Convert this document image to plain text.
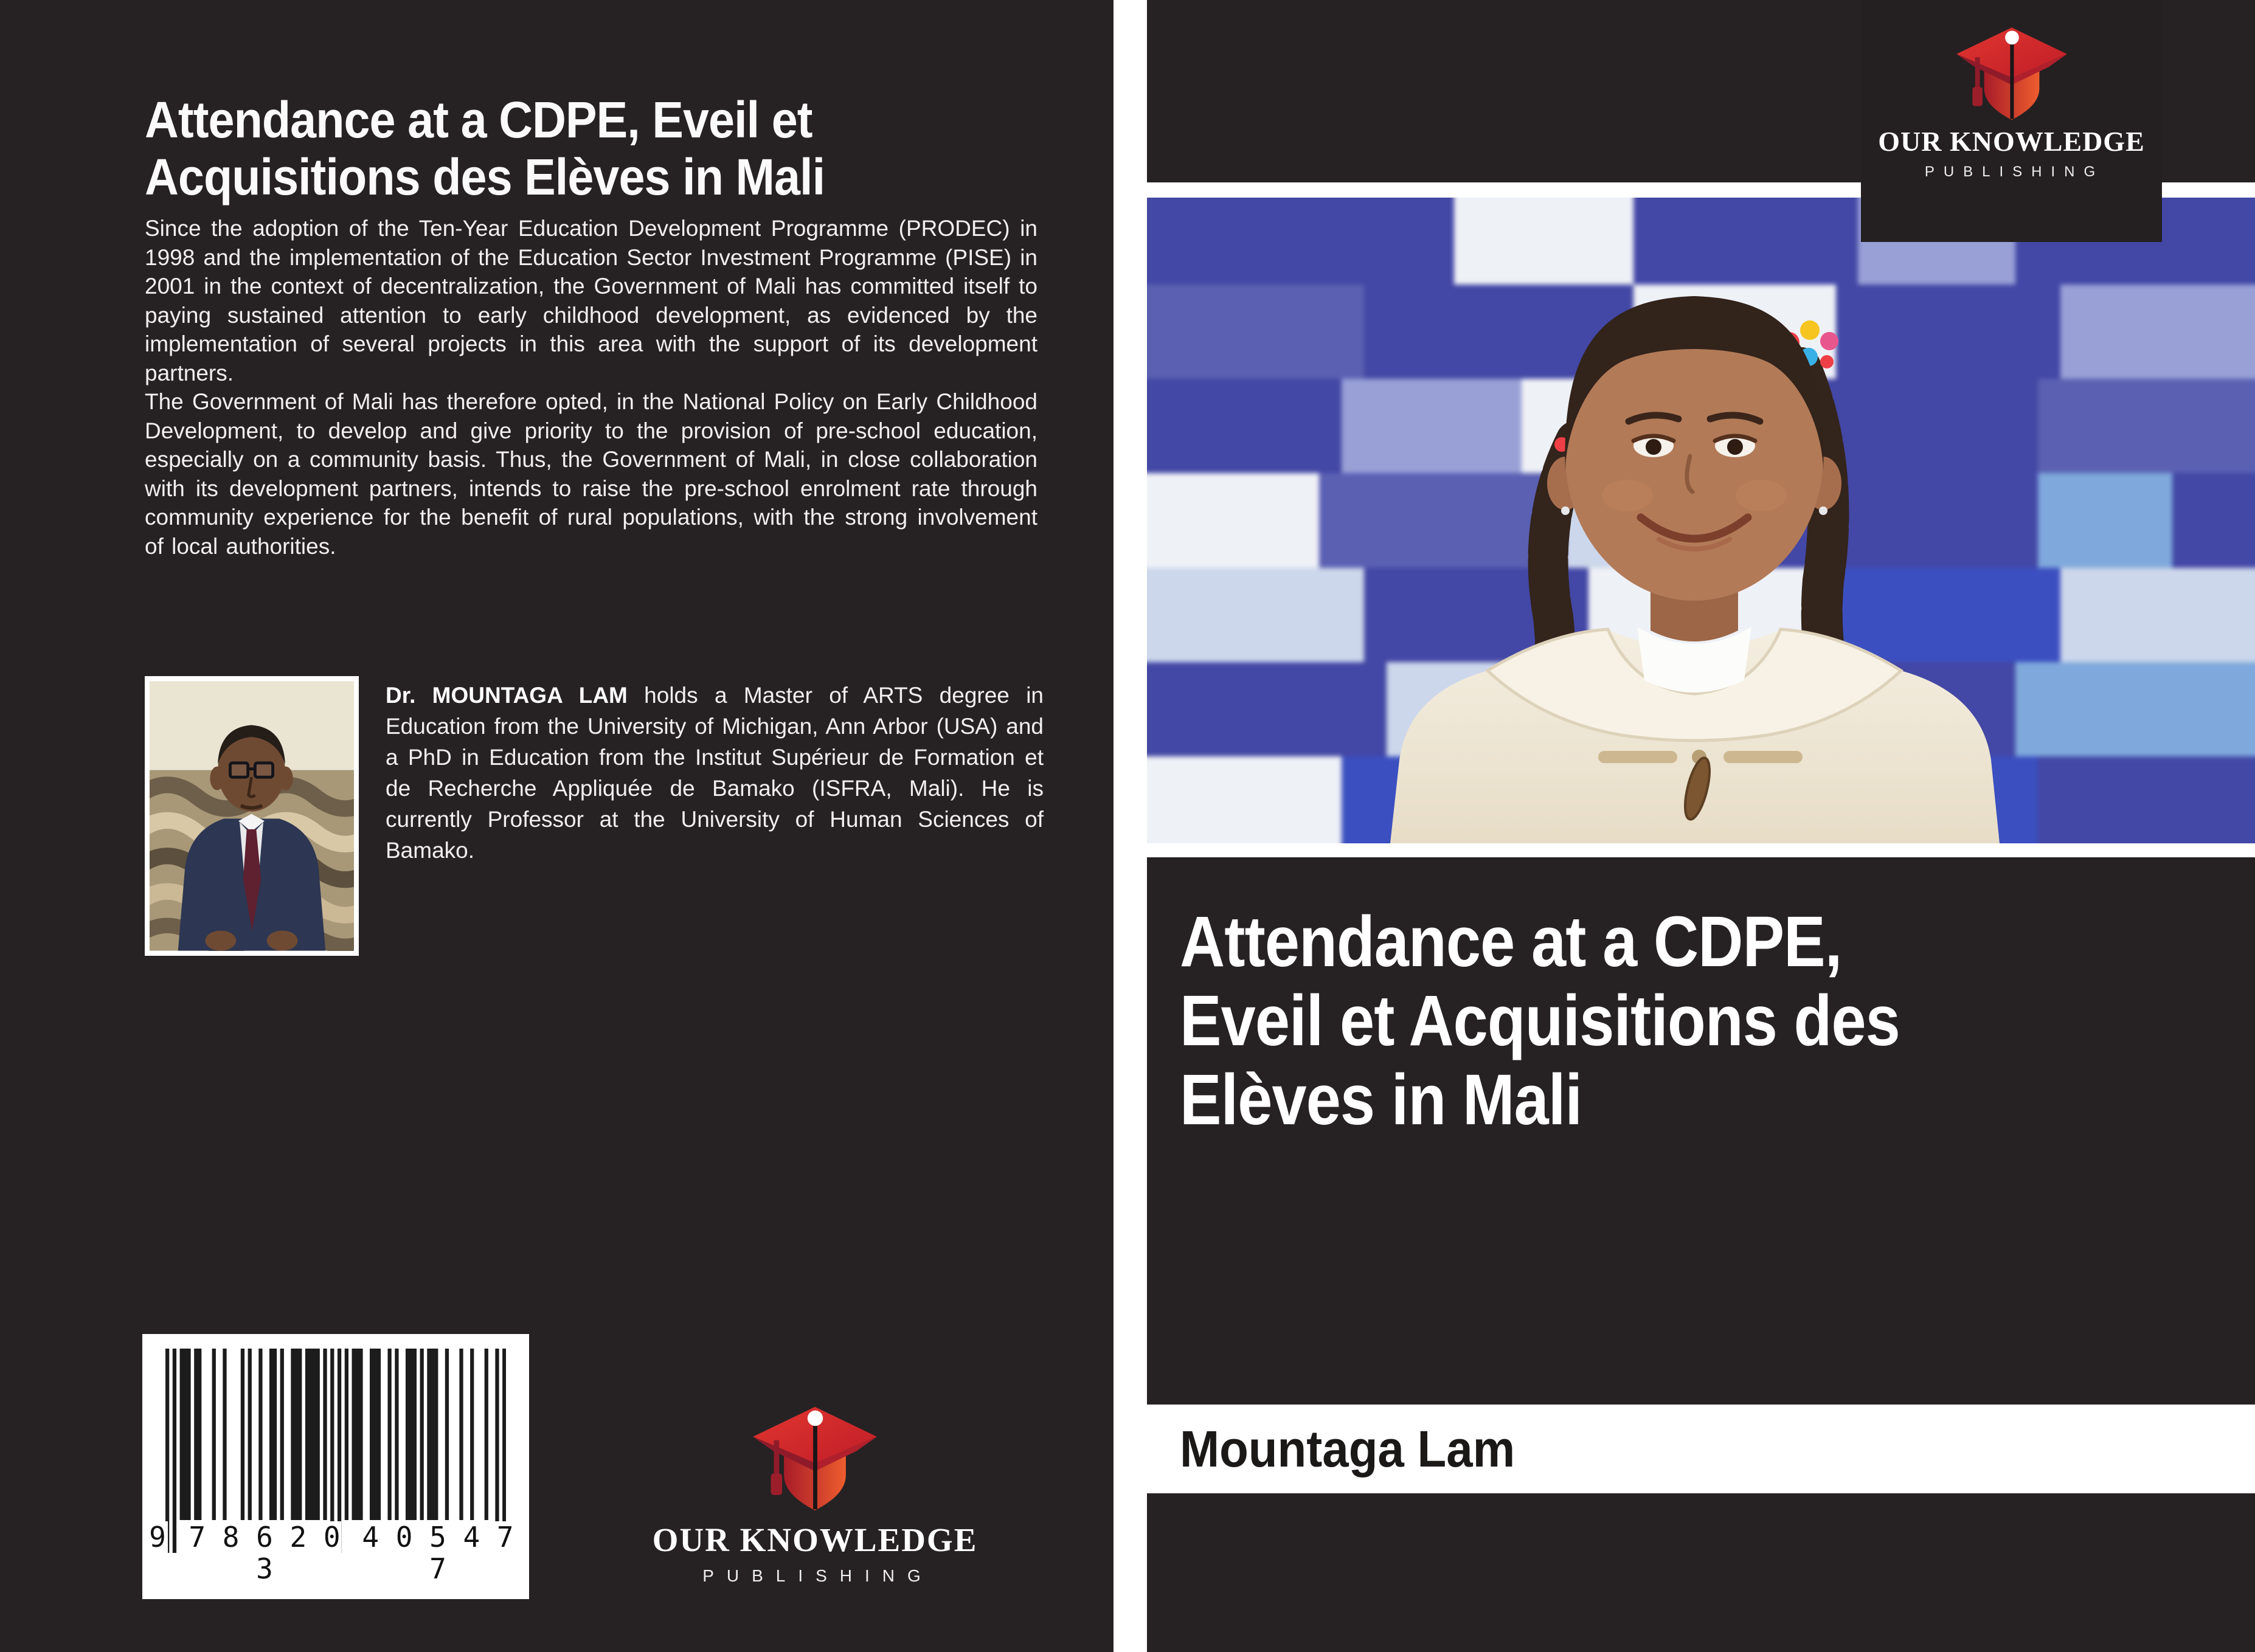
Attendance at a CDPE, Eveil et
Acquisitions des Elèves in Mali

Since the adoption of the Ten-Year Education Development Programme (PRODEC) in 1998 and the implementation of the Education Sector Investment Programme (PISE) in 2001 in the context of decentralization, the Government of Mali has committed itself to paying sustained attention to early childhood development, as evidenced by the implementation of several projects in this area with the support of its development partners.

The Government of Mali has therefore opted, in the National Policy on Early Childhood Development, to develop and give priority to the provision of pre-school education, especially on a community basis. Thus, the Government of Mali, in close collaboration with its development partners, intends to raise the pre-school enrolment rate through community experience for the benefit of rural populations, with the strong involvement of local authorities.

Dr. MOUNTAGA LAM holds a Master of ARTS degree in Education from the University of Michigan, Ann Arbor (USA) and a PhD in Education from the Institut Supérieur de Formation et de Recherche Appliquée de Bamako (ISFRA, Mali). He is currently Professor at the University of Human Sciences of Bamako.

9 7 8 6 2 0 3
4 0 5 4 7 7
OUR KNOWLEDGE
PUBLISHING
OUR KNOWLEDGE
PUBLISHING
Attendance at a CDPE,
Eveil et Acquisitions des
Elèves in Mali
Mountaga Lam
